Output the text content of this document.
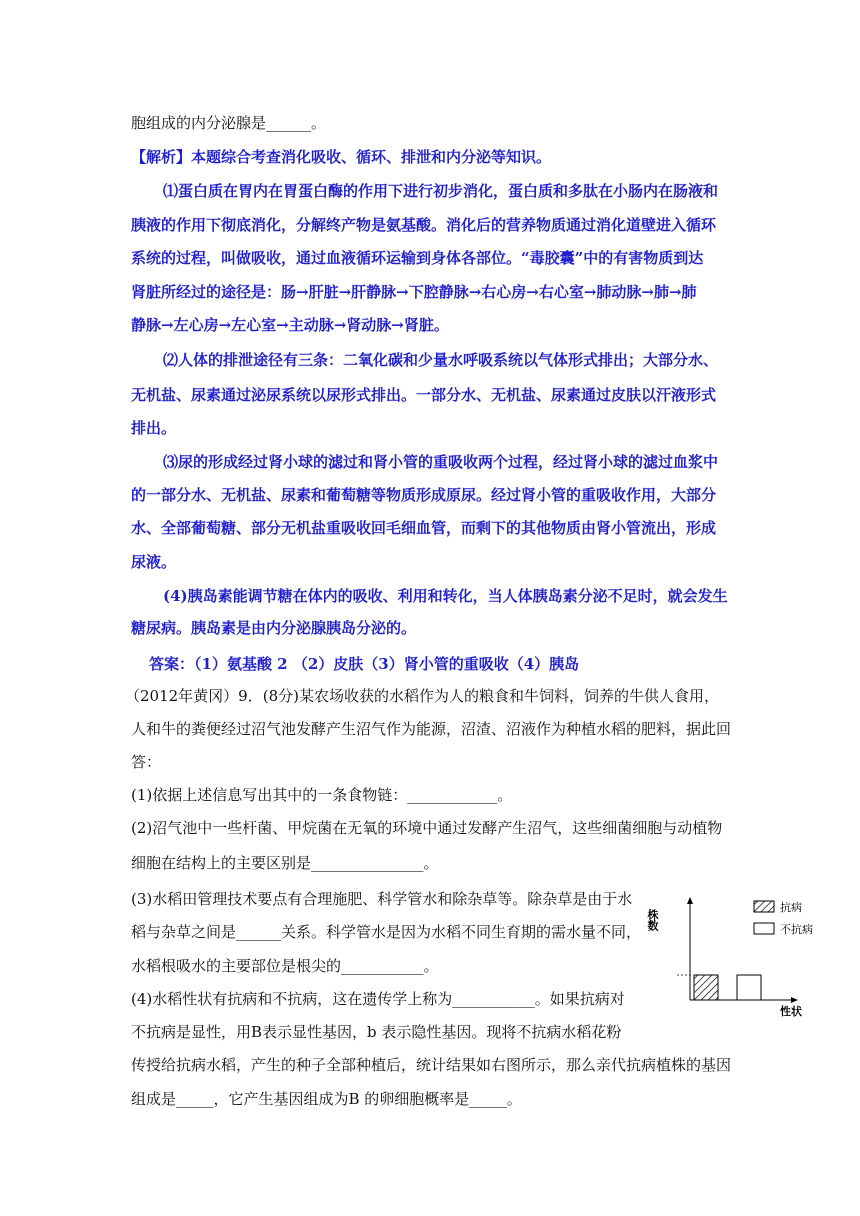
胞组成的内分泌腺是______。
【解析】本题综合考查消化吸收、循环、排泄和内分泌等知识。
⑴蛋白质在胃内在胃蛋白酶的作用下进行初步消化，蛋白质和多肽在小肠内在肠液和
胰液的作用下彻底消化，分解终产物是氨基酸。消化后的营养物质通过消化道壁进入循环
系统的过程，叫做吸收，通过血液循环运输到身体各部位。“毒胶囊”中的有害物质到达
肾脏所经过的途径是：肠→肝脏→肝静脉→下腔静脉→右心房→右心室→肺动脉→肺→肺
静脉→左心房→左心室→主动脉→肾动脉→肾脏。
⑵人体的排泄途径有三条：二氧化碳和少量水呼吸系统以气体形式排出；大部分水、
无机盐、尿素通过泌尿系统以尿形式排出。一部分水、无机盐、尿素通过皮肤以汗液形式
排出。
⑶尿的形成经过肾小球的滤过和肾小管的重吸收两个过程，经过肾小球的滤过血浆中
的一部分水、无机盐、尿素和葡萄糖等物质形成原尿。经过肾小管的重吸收作用，大部分
水、全部葡萄糖、部分无机盐重吸收回毛细血管，而剩下的其他物质由肾小管流出，形成
尿液。
(4)胰岛素能调节糖在体内的吸收、利用和转化，当人体胰岛素分泌不足时，就会发生
糖尿病。胰岛素是由内分泌腺胰岛分泌的。
答案：（1）氨基酸 2 （2）皮肤（3）肾小管的重吸收（4）胰岛
（2012年黄冈）9．(8分)某农场收获的水稻作为人的粮食和牛饲料，饲养的牛供人食用，
人和牛的粪便经过沼气池发酵产生沼气作为能源，沼渣、沼液作为种植水稻的肥料，据此回
答：
(1)依据上述信息写出其中的一条食物链：____________。
(2)沼气池中一些杆菌、甲烷菌在无氧的环境中通过发酵产生沼气，这些细菌细胞与动植物
细胞在结构上的主要区别是_______________。
(3)水稻田管理技术要点有合理施肥、科学管水和除杂草等。除杂草是由于水
稻与杂草之间是______关系。科学管水是因为水稻不同生育期的需水量不同，
水稻根吸水的主要部位是根尖的___________。
(4)水稻性状有抗病和不抗病，这在遗传学上称为___________。如果抗病对
不抗病是显性，用B表示显性基因，b 表示隐性基因。现将不抗病水稻花粉
传授给抗病水稻，产生的种子全部种植后，统计结果如右图所示，那么亲代抗病植株的基因
组成是_____，它产生基因组成为B 的卵细胞概率是_____。
株数
性状
抗病
不抗病
